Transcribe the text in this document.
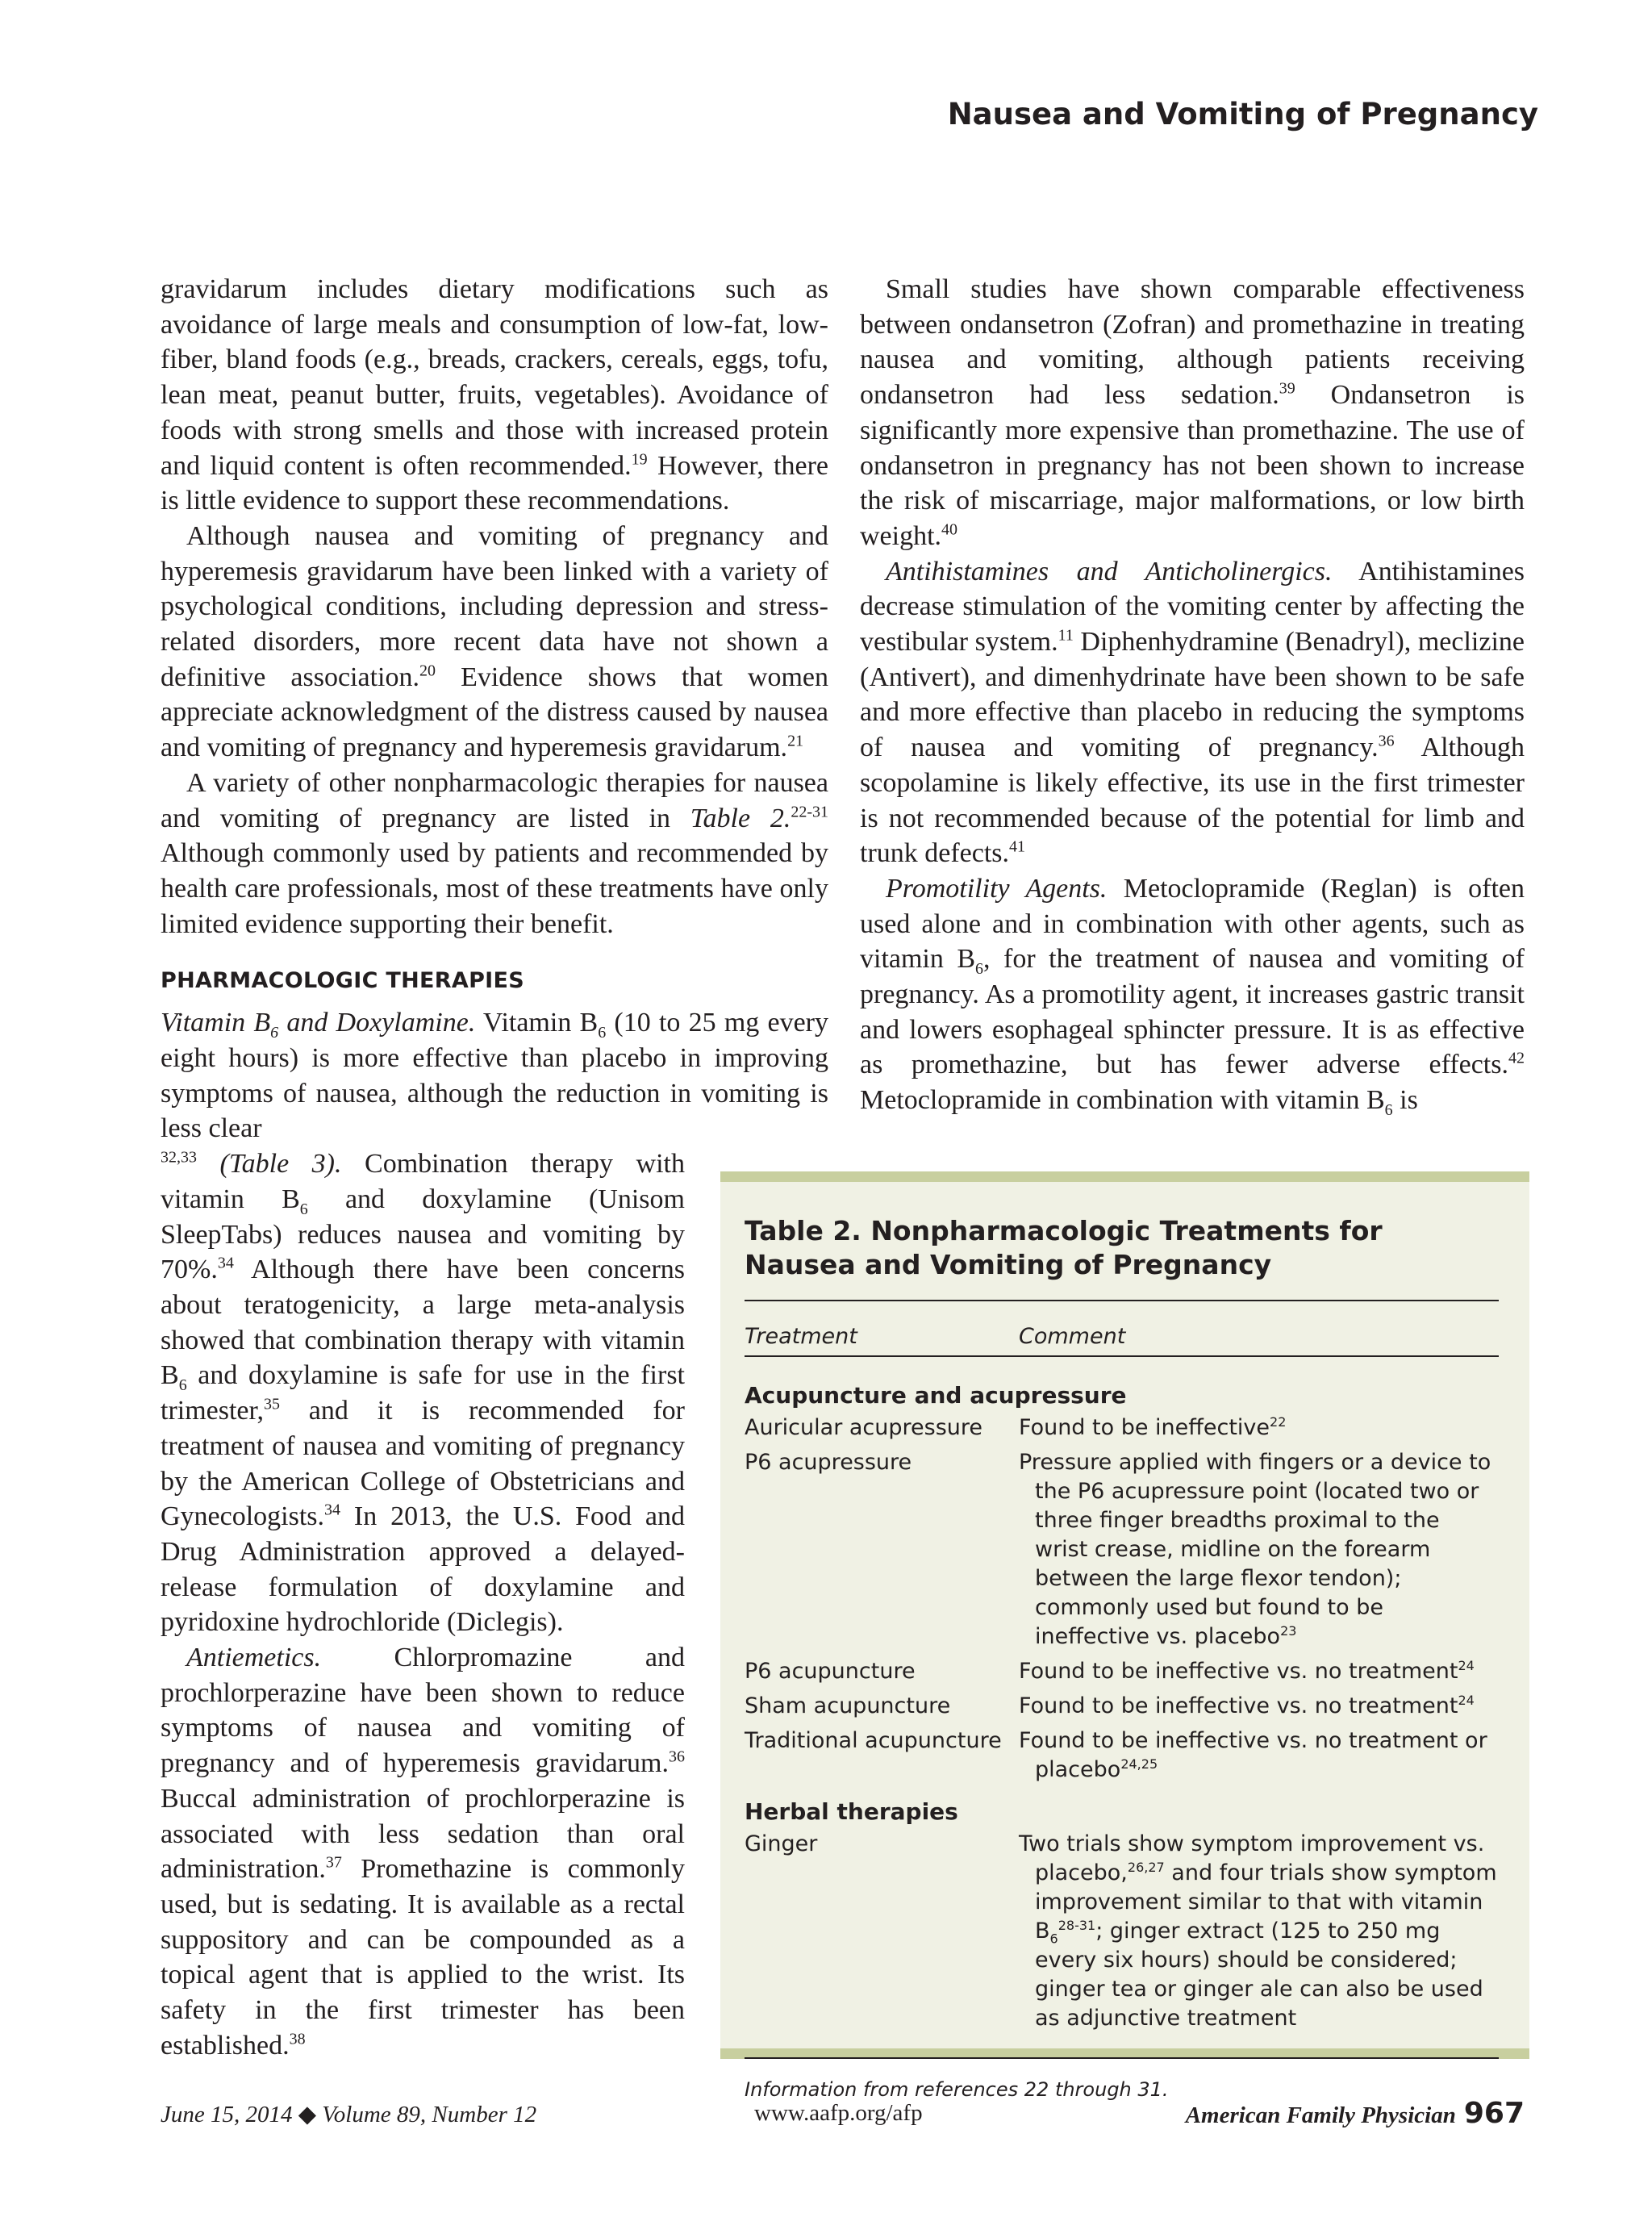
Nausea and Vomiting of Pregnancy

gravidarum includes dietary modifications such as avoidance of large meals and consumption of low-fat, low-fiber, bland foods (e.g., breads, crackers, cereals, eggs, tofu, lean meat, peanut butter, fruits, vegetables). Avoidance of foods with strong smells and those with increased protein and liquid content is often recommended.$^{19}$ However, there is little evidence to support these recommendations.

Although nausea and vomiting of pregnancy and hyperemesis gravidarum have been linked with a variety of psychological conditions, including depression and stress-related disorders, more recent data have not shown a definitive association.$^{20}$ Evidence shows that women appreciate acknowledgment of the distress caused by nausea and vomiting of pregnancy and hyperemesis gravidarum.$^{21}$

A variety of other nonpharmacologic therapies for nausea and vomiting of pregnancy are listed in Table 2.$^{22-31}$ Although commonly used by patients and recommended by health care professionals, most of these treatments have only limited evidence supporting their benefit.

PHARMACOLOGIC THERAPIES

Vitamin $B_6$ and Doxylamine. Vitamin $B_6$ (10 to 25 mg every eight hours) is more effective than placebo in improving symptoms of nausea, although the reduction in vomiting is less clear

$^{32,33}$ (Table 3). Combination therapy with vitamin $B_6$ and doxylamine (Unisom SleepTabs) reduces nausea and vomiting by 70%.$^{34}$ Although there have been concerns about teratogenicity, a large meta-analysis showed that combination therapy with vitamin $B_6$ and doxylamine is safe for use in the first trimester,$^{35}$ and it is recommended for treatment of nausea and vomiting of pregnancy by the American College of Obstetricians and Gynecologists.$^{34}$ In 2013, the U.S. Food and Drug Administration approved a delayed-release formulation of doxylamine and pyridoxine hydrochloride (Diclegis).

Antiemetics. Chlorpromazine and prochlorperazine have been shown to reduce symptoms of nausea and vomiting of pregnancy and of hyperemesis gravidarum.$^{36}$ Buccal administration of prochlorperazine is associated with less sedation than oral administration.$^{37}$ Promethazine is commonly used, but is sedating. It is available as a rectal suppository and can be compounded as a topical agent that is applied to the wrist. Its safety in the first trimester has been established.$^{38}$

Small studies have shown comparable effectiveness between ondansetron (Zofran) and promethazine in treating nausea and vomiting, although patients receiving ondansetron had less sedation.$^{39}$ Ondansetron is significantly more expensive than promethazine. The use of ondansetron in pregnancy has not been shown to increase the risk of miscarriage, major malformations, or low birth weight.$^{40}$

Antihistamines and Anticholinergics. Antihistamines decrease stimulation of the vomiting center by affecting the vestibular system.$^{11}$ Diphenhydramine (Benadryl), meclizine (Antivert), and dimenhydrinate have been shown to be safe and more effective than placebo in reducing the symptoms of nausea and vomiting of pregnancy.$^{36}$ Although scopolamine is likely effective, its use in the first trimester is not recommended because of the potential for limb and trunk defects.$^{41}$

Promotility Agents. Metoclopramide (Reglan) is often used alone and in combination with other agents, such as vitamin $B_6$, for the treatment of nausea and vomiting of pregnancy. As a promotility agent, it increases gastric transit and lowers esophageal sphincter pressure. It is as effective as promethazine, but has fewer adverse effects.$^{42}$ Metoclopramide in combination with vitamin $B_6$ is

Table 2. Nonpharmacologic Treatments for Nausea and Vomiting of Pregnancy
Treatment	Comment
Acupuncture and acupressure
Auricular acupressure	Found to be ineffective$^{22}$
P6 acupressure	Pressure applied with fingers or a device to the P6 acupressure point (located two or three finger breadths proximal to the wrist crease, midline on the forearm between the large flexor tendon); commonly used but found to be ineffective vs. placebo$^{23}$
P6 acupuncture	Found to be ineffective vs. no treatment$^{24}$
Sham acupuncture	Found to be ineffective vs. no treatment$^{24}$
Traditional acupuncture Found to be ineffective vs. no treatment or placebo$^{24,25}$
Herbal therapies
Ginger	Two trials show symptom improvement vs. placebo,$^{26,27}$ and four trials show symptom improvement similar to that with vitamin $B_6^{28-31}$; ginger extract (125 to 250 mg every six hours) should be considered; ginger tea or ginger ale can also be used as adjunctive treatment
Information from references 22 through 31.
June 15, 2014 ◆ Volume 89, Number 12	www.aafp.org/afp	American Family Physician 967
